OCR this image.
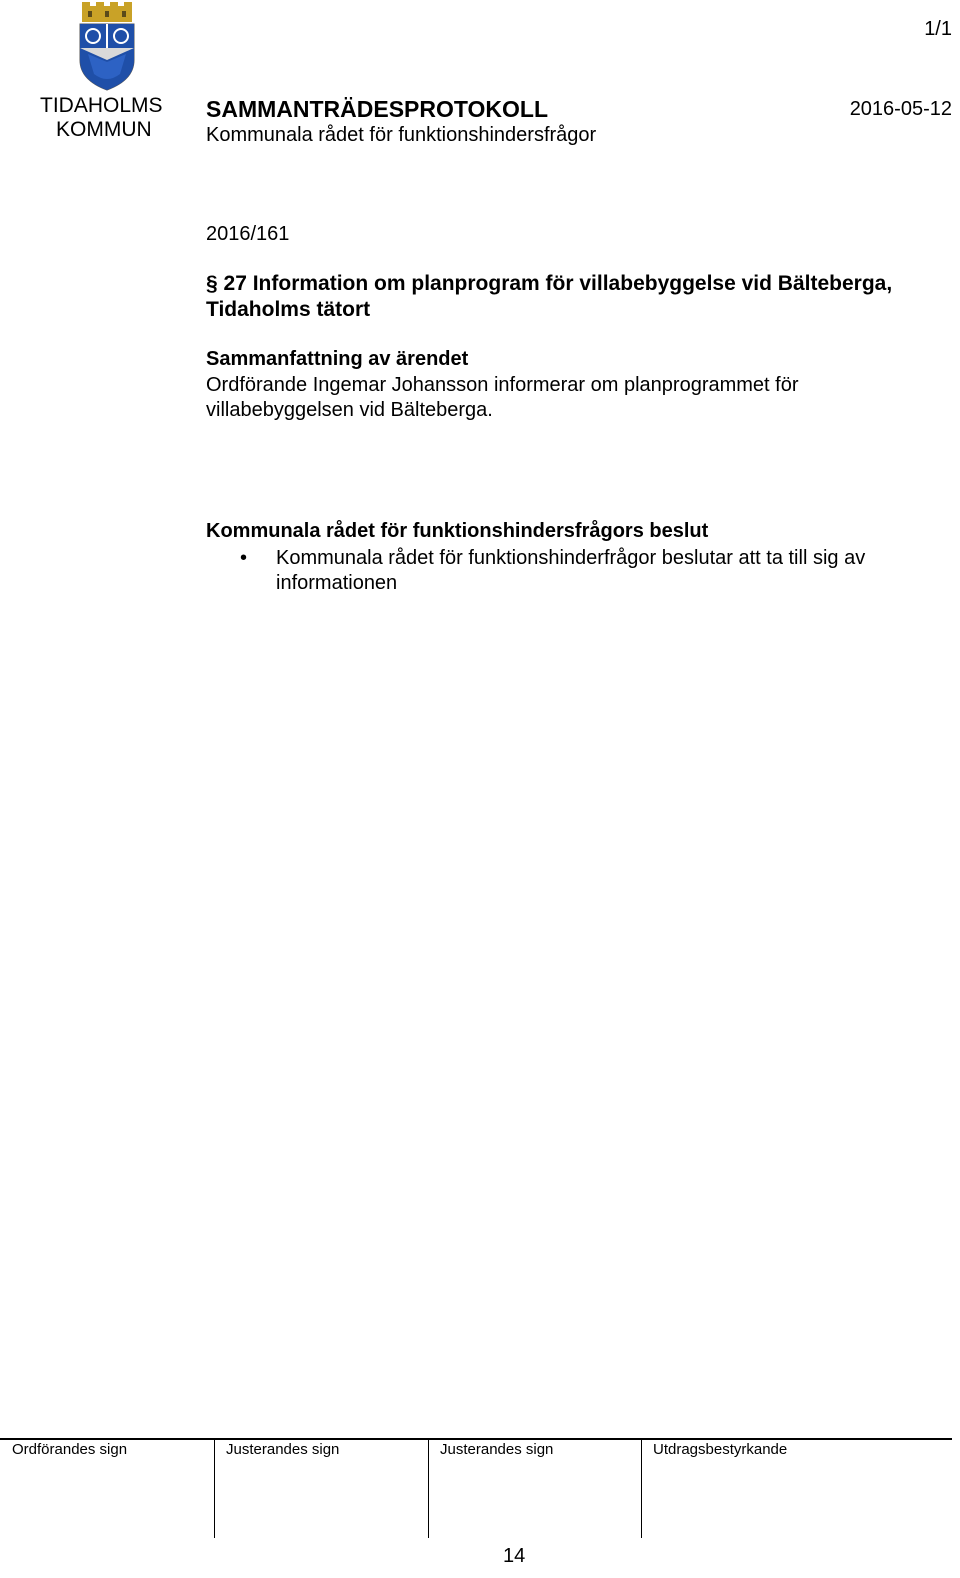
TIDAHOLMS
KOMMUN
1/1
SAMMANTRÄDESPROTOKOLL	2016-05-12
Kommunala rådet för funktionshindersfrågor
2016/161
§ 27 Information om planprogram för villabebyggelse vid Bälteberga, Tidaholms tätort
Sammanfattning av ärendet
Ordförande Ingemar Johansson informerar om planprogrammet för villabebyggelsen vid Bälteberga.
Kommunala rådet för funktionshindersfrågors beslut
• Kommunala rådet för funktionshinderfrågor beslutar att ta till sig av informationen
Ordförandes sign	Justerandes sign	Justerandes sign	Utdragsbestyrkande
14
